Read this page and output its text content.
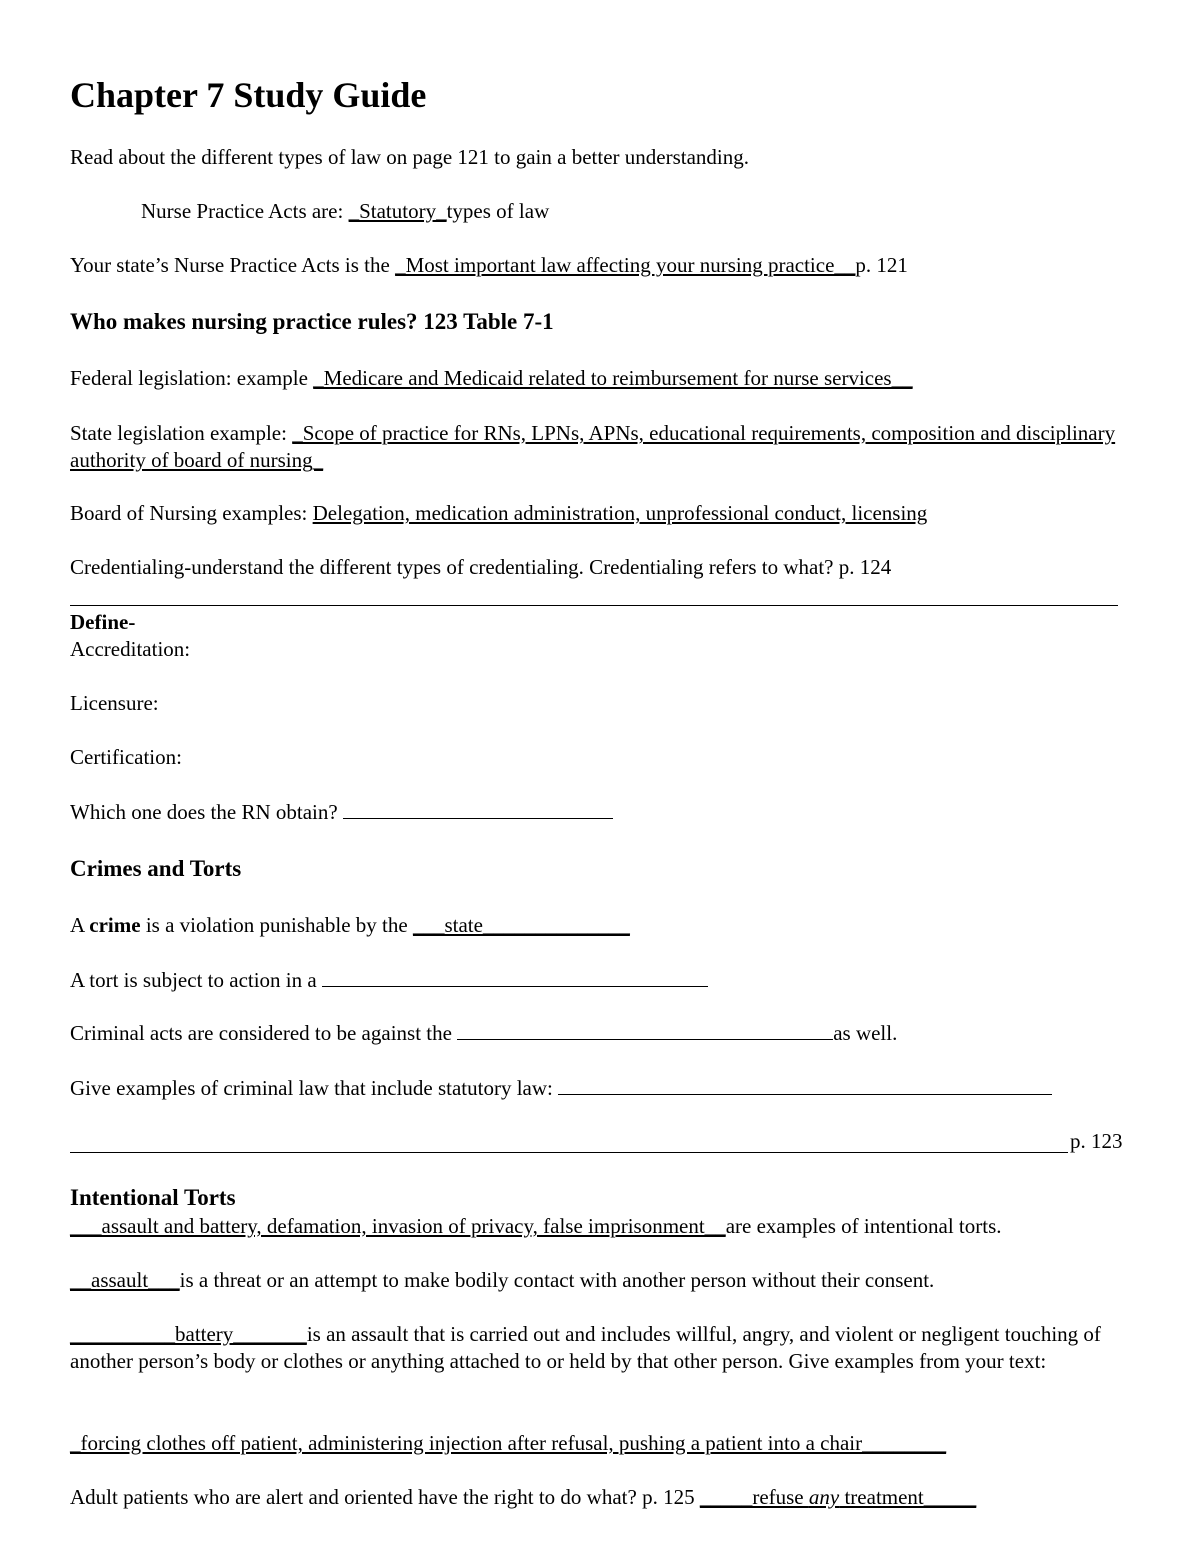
Chapter 7 Study Guide
Read about the different types of law on page 121 to gain a better understanding.
Nurse Practice Acts are: _Statutory_types of law
Your state’s Nurse Practice Acts is the _Most important law affecting your nursing practice__p. 121
Who makes nursing practice rules? 123 Table 7-1
Federal legislation: example _Medicare and Medicaid related to reimbursement for nurse services__
State legislation example: _Scope of practice for RNs, LPNs, APNs, educational requirements, composition and disciplinary authority of board of nursing_
Board of Nursing examples: Delegation, medication administration, unprofessional conduct, licensing
Credentialing-understand the different types of credentialing. Credentialing refers to what? p. 124
Define-
Accreditation:
Licensure:
Certification:
Which one does the RN obtain?
Crimes and Torts
A crime is a violation punishable by the ___state______________
A tort is subject to action in a
Criminal acts are considered to be against the	as well.
Give examples of criminal law that include statutory law:
p. 123
Intentional Torts
___assault and battery, defamation, invasion of privacy, false imprisonment__are examples of intentional torts.
__assault___is a threat or an attempt to make bodily contact with another person without their consent.
__________battery_______is an assault that is carried out and includes willful, angry, and violent or negligent touching of another person’s body or clothes or anything attached to or held by that other person. Give examples from your text:
_forcing clothes off patient, administering injection after refusal, pushing a patient into a chair________
Adult patients who are alert and oriented have the right to do what? p. 125 _____refuse any treatment_____
